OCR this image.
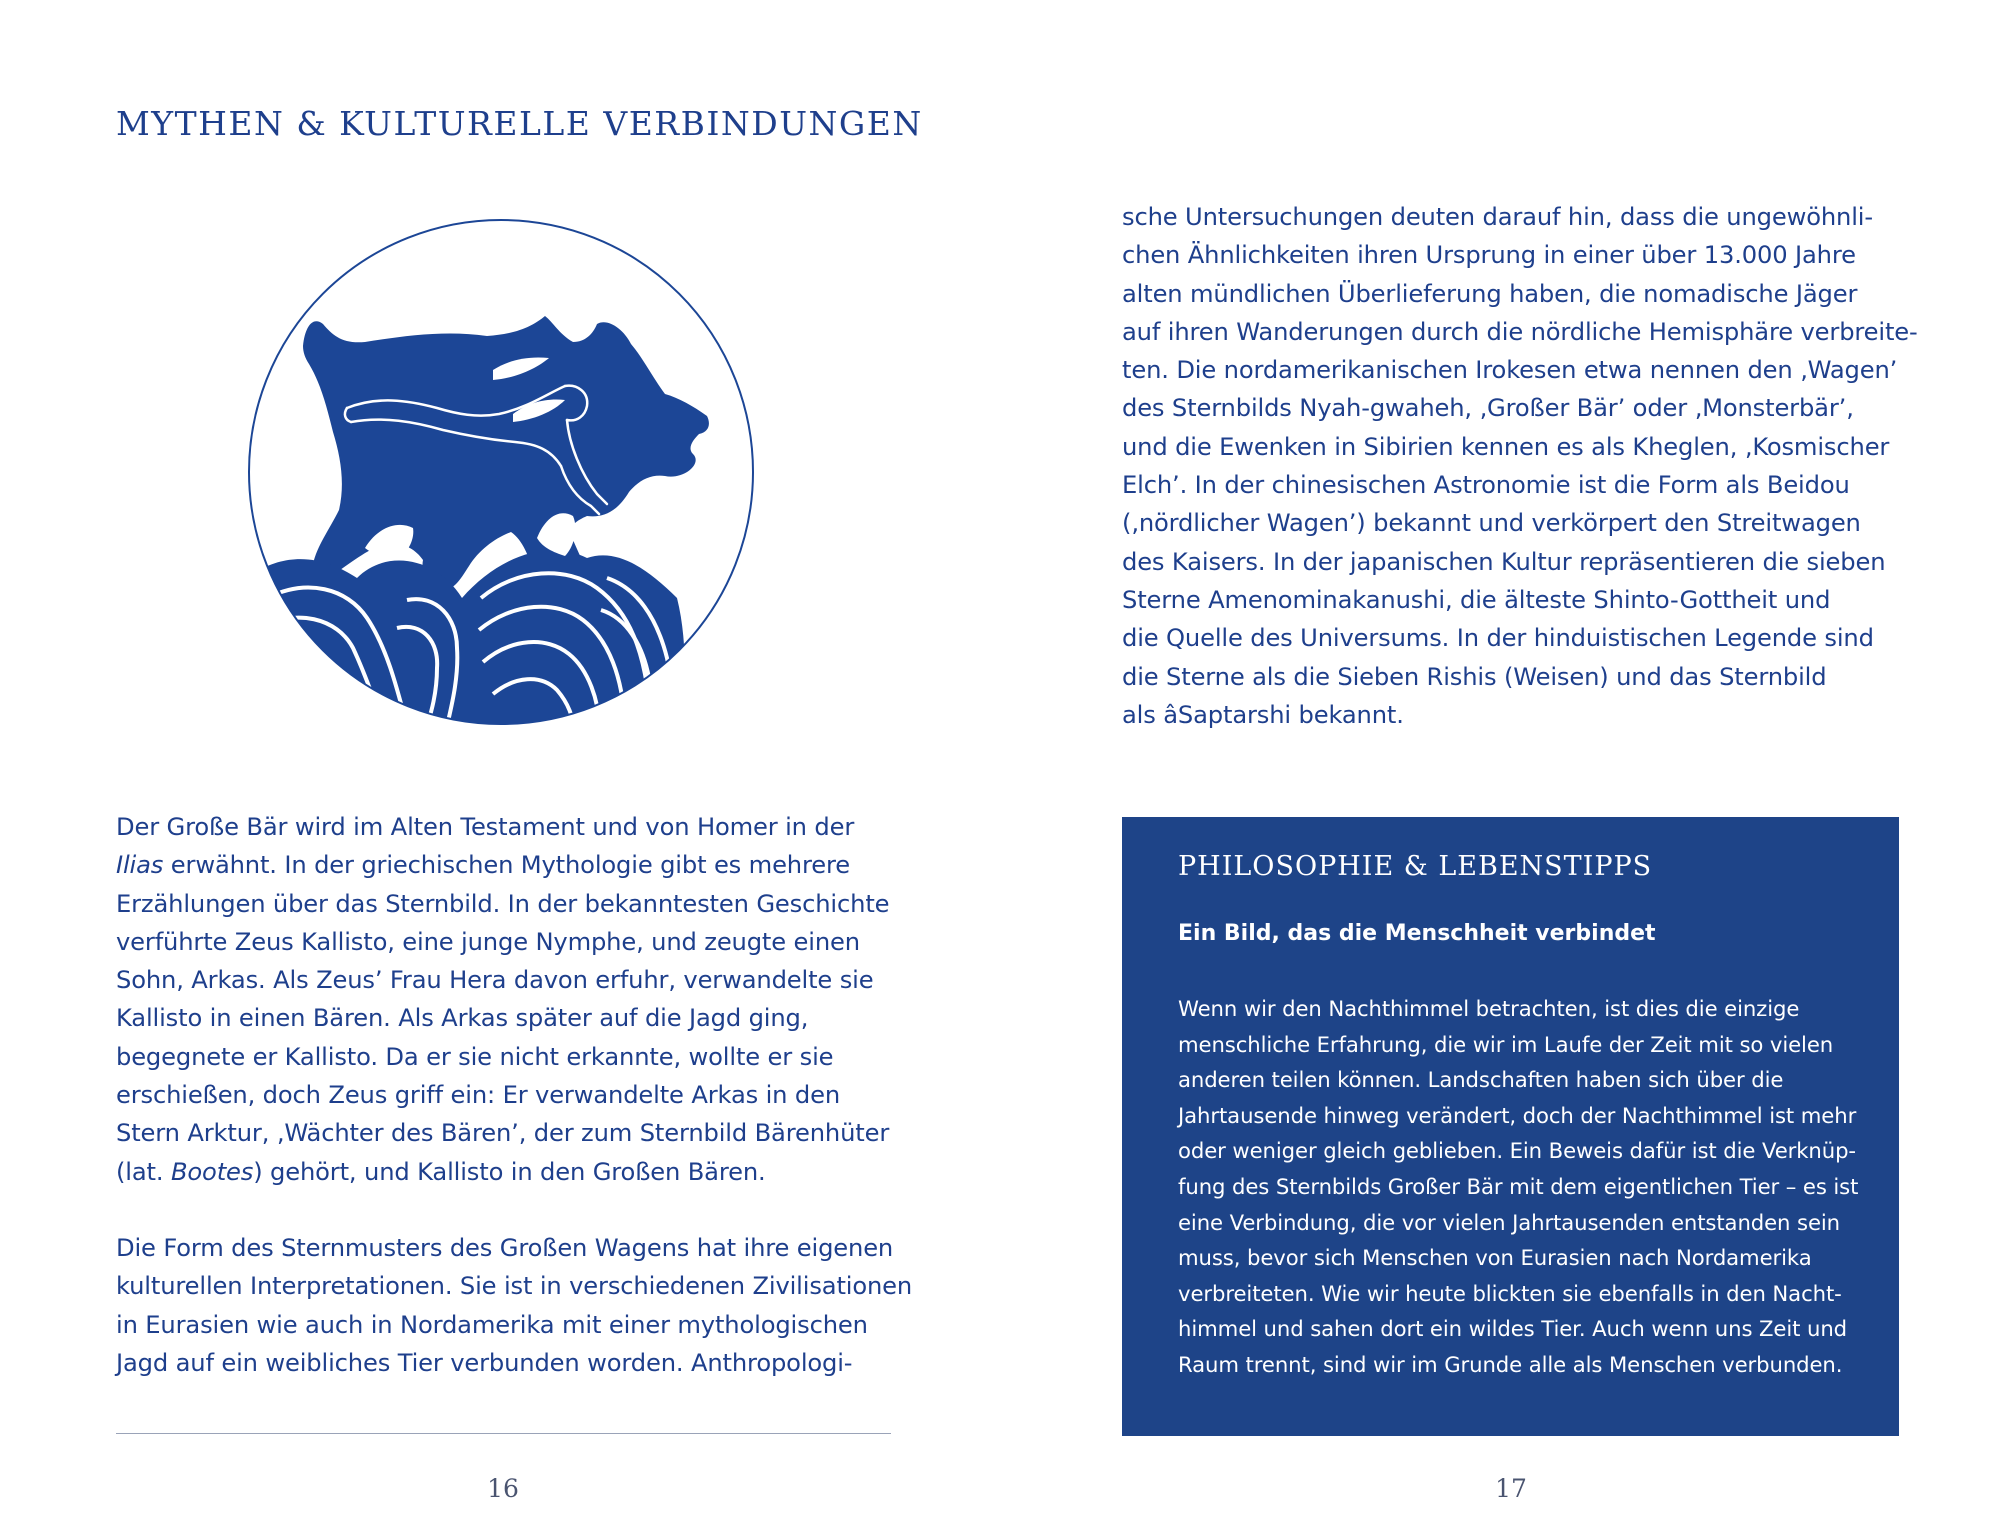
MYTHEN & KULTURELLE VERBINDUNGEN

Der Große Bär wird im Alten Testament und von Homer in der
Ilias erwähnt. In der griechischen Mythologie gibt es mehrere
Erzählungen über das Sternbild. In der bekanntesten Geschichte
verführte Zeus Kallisto, eine junge Nymphe, und zeugte einen
Sohn, Arkas. Als Zeus’ Frau Hera davon erfuhr, verwandelte sie
Kallisto in einen Bären. Als Arkas später auf die Jagd ging,
begegnete er Kallisto. Da er sie nicht erkannte, wollte er sie
erschießen, doch Zeus griff ein: Er verwandelte Arkas in den
Stern Arktur, ‚Wächter des Bären’, der zum Sternbild Bärenhüter
(lat. Bootes) gehört, und Kallisto in den Großen Bären.

Die Form des Sternmusters des Großen Wagens hat ihre eigenen
kulturellen Interpretationen. Sie ist in verschiedenen Zivilisationen
in Eurasien wie auch in Nordamerika mit einer mythologischen
Jagd auf ein weibliches Tier verbunden worden. Anthropologi-

16

sche Untersuchungen deuten darauf hin, dass die ungewöhnli-
chen Ähnlichkeiten ihren Ursprung in einer über 13.000 Jahre
alten mündlichen Überlieferung haben, die nomadische Jäger
auf ihren Wanderungen durch die nördliche Hemisphäre verbreite-
ten. Die nordamerikanischen Irokesen etwa nennen den ‚Wagen’
des Sternbilds Nyah-gwaheh, ‚Großer Bär’ oder ‚Monsterbär’,
und die Ewenken in Sibirien kennen es als Kheglen, ‚Kosmischer
Elch’. In der chinesischen Astronomie ist die Form als Beidou
(‚nördlicher Wagen’) bekannt und verkörpert den Streitwagen
des Kaisers. In der japanischen Kultur repräsentieren die sieben
Sterne Amenominakanushi, die älteste Shinto-Gottheit und
die Quelle des Universums. In der hinduistischen Legende sind
die Sterne als die Sieben Rishis (Weisen) und das Sternbild
als âSaptarshi bekannt.

PHILOSOPHIE & LEBENSTIPPS
Ein Bild, das die Menschheit verbindet

Wenn wir den Nachthimmel betrachten, ist dies die einzige
menschliche Erfahrung, die wir im Laufe der Zeit mit so vielen
anderen teilen können. Landschaften haben sich über die
Jahrtausende hinweg verändert, doch der Nachthimmel ist mehr
oder weniger gleich geblieben. Ein Beweis dafür ist die Verknüp-
fung des Sternbilds Großer Bär mit dem eigentlichen Tier – es ist
eine Verbindung, die vor vielen Jahrtausenden entstanden sein
muss, bevor sich Menschen von Eurasien nach Nordamerika
verbreiteten. Wie wir heute blickten sie ebenfalls in den Nacht-
himmel und sahen dort ein wildes Tier. Auch wenn uns Zeit und
Raum trennt, sind wir im Grunde alle als Menschen verbunden.

17
